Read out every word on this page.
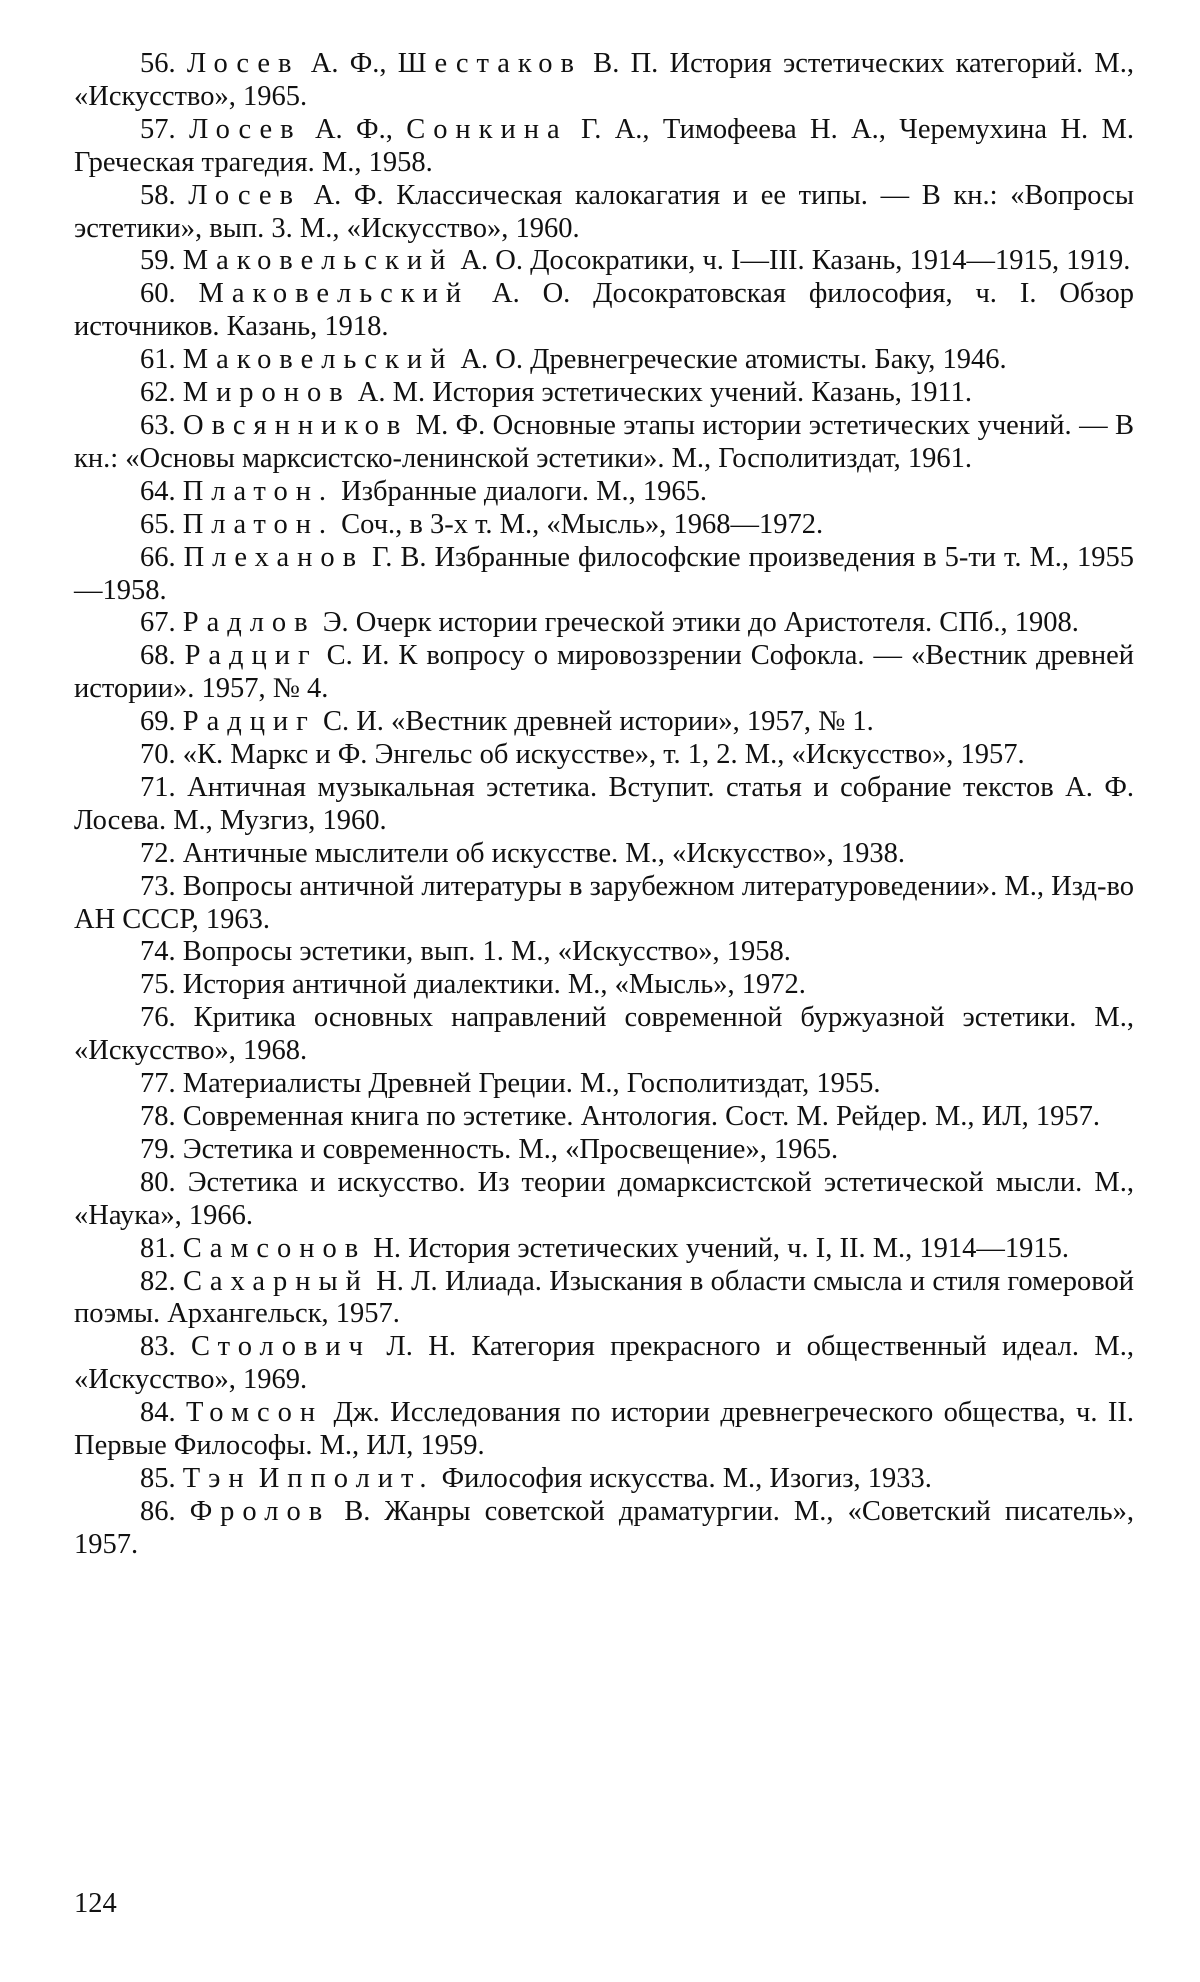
56. Лосев А. Ф., Шестаков В. П. История эстетических категорий. М., «Искусство», 1965.

57. Лосев А. Ф., Сонкина Г. А., Тимофеева Н. А., Черемухина Н. М. Греческая трагедия. М., 1958.

58. Лосев А. Ф. Классическая калокагатия и ее типы. — В кн.: «Вопросы эстетики», вып. 3. М., «Искусство», 1960.

59. Маковельский А. О. Досократики, ч. I—III. Казань, 1914—1915, 1919.

60. Маковельский А. О. Досократовская философия, ч. I. Обзор источников. Казань, 1918.

61. Маковельский А. О. Древнегреческие атомисты. Баку, 1946.

62. Миронов А. М. История эстетических учений. Казань, 1911.

63. Овсянников М. Ф. Основные этапы истории эстетических учений. — В кн.: «Основы марксистско-ленинской эстетики». М., Госполитиздат, 1961.

64. Платон. Избранные диалоги. М., 1965.

65. Платон. Соч., в 3-х т. М., «Мысль», 1968—1972.

66. Плеханов Г. В. Избранные философские произведения в 5-ти т. М., 1955—1958.

67. Радлов Э. Очерк истории греческой этики до Аристотеля. СПб., 1908.

68. Радциг С. И. К вопросу о мировоззрении Софокла. — «Вестник древней истории». 1957, № 4.

69. Радциг С. И. «Вестник древней истории», 1957, № 1.

70. «К. Маркс и Ф. Энгельс об искусстве», т. 1, 2. М., «Искусство», 1957.

71. Античная музыкальная эстетика. Вступит. статья и собрание текстов А. Ф. Лосева. М., Музгиз, 1960.

72. Античные мыслители об искусстве. М., «Искусство», 1938.

73. Вопросы античной литературы в зарубежном литературоведении». М., Изд-во АН СССР, 1963.

74. Вопросы эстетики, вып. 1. М., «Искусство», 1958.

75. История античной диалектики. М., «Мысль», 1972.

76. Критика основных направлений современной буржуазной эстетики. М., «Искусство», 1968.

77. Материалисты Древней Греции. М., Госполитиздат, 1955.

78. Современная книга по эстетике. Антология. Сост. М. Рейдер. М., ИЛ, 1957.

79. Эстетика и современность. М., «Просвещение», 1965.

80. Эстетика и искусство. Из теории домарксистской эстетической мысли. М., «Наука», 1966.

81. Самсонов Н. История эстетических учений, ч. I, II. М., 1914—1915.

82. Сахарный Н. Л. Илиада. Изыскания в области смысла и стиля гомеровой поэмы. Архангельск, 1957.

83. Столович Л. Н. Категория прекрасного и общественный идеал. М., «Искусство», 1969.

84. Томсон Дж. Исследования по истории древнегреческого общества, ч. II. Первые Философы. М., ИЛ, 1959.

85. Тэн Ипполит. Философия искусства. М., Изогиз, 1933.

86. Фролов В. Жанры советской драматургии. М., «Советский писатель», 1957.

124
